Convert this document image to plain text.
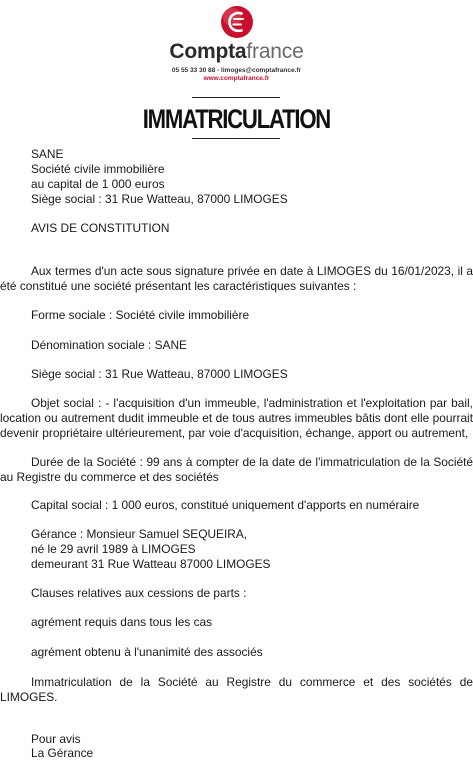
Comptafrance
05 55 33 30 88 - limoges@comptafrance.fr
www.comptafrance.fr
IMMATRICULATION
SANE
Société civile immobilière
au capital de 1 000 euros
Siège social : 31 Rue Watteau, 87000 LIMOGES
AVIS DE CONSTITUTION
Aux termes d'un acte sous signature privée en date à LIMOGES du 16/01/2023, il a été constitué une société présentant les caractéristiques suivantes :
Forme sociale : Société civile immobilière
Dénomination sociale : SANE
Siège social : 31 Rue Watteau, 87000 LIMOGES
Objet social : - l'acquisition d'un immeuble, l'administration et l'exploitation par bail, location ou autrement dudit immeuble et de tous autres immeubles bâtis dont elle pourrait devenir propriétaire ultérieurement, par voie d'acquisition, échange, apport ou autrement,
Durée de la Société : 99 ans à compter de la date de l'immatriculation de la Société au Registre du commerce et des sociétés
Capital social : 1 000 euros, constitué uniquement d'apports en numéraire
Gérance : Monsieur Samuel SEQUEIRA,
né le 29 avril 1989 à LIMOGES
demeurant 31 Rue Watteau 87000 LIMOGES
Clauses relatives aux cessions de parts :
agrément requis dans tous les cas
agrément obtenu à l'unanimité des associés
Immatriculation de la Société au Registre du commerce et des sociétés de LIMOGES.
Pour avis
La Gérance
